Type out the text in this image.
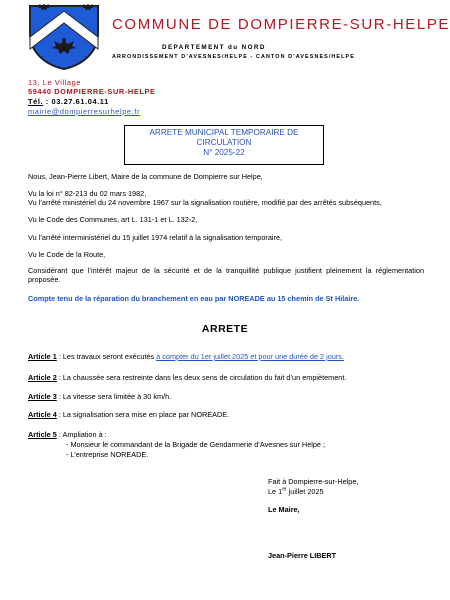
COMMUNE DE DOMPIERRE-SUR-HELPE
DEPARTEMENT du NORD
ARRONDISSEMENT D’AVESNES/HELPE - CANTON D’AVESNES/HELPE
13, Le Village
59440 DOMPIERRE-SUR-HELPE
Tél. : 03.27.61.04.11
mairie@dompierresurhelpe.fr
ARRETE MUNICIPAL TEMPORAIRE DE
CIRCULATION
N° 2025-22
Nous, Jean-Pierre Libert, Maire de la commune de Dompierre sur Helpe,
Vu la loi n° 82-213 du 02 mars 1982,
Vu l’arrêté ministériel du 24 novembre 1967 sur la signalisation routière, modifié par des arrêtés subséquents,
Vu le Code des Communes, art L. 131-1 et L. 132-2,
Vu l’arrêté interministériel du 15 juillet 1974 relatif à la signalisation temporaire,
Vu le Code de la Route,
Considérant que l’intérêt majeur de la sécurité et de la tranquillité publique justifient pleinement la réglementation proposée.
Compte tenu de la réparation du branchement en eau par NOREADE au 15 chemin de St Hilaire.
ARRETE
Article 1 : Les travaux seront exécutés à compter du 1er juillet 2025 et pour une durée de 2 jours.
Article 2 : La chaussée sera restreinte dans les deux sens de circulation du fait d’un empiètement.
Article 3 : La vitesse sera limitée à 30 km/h.
Article 4 : La signalisation sera mise en place par NOREADE.
Article 5 : Ampliation à :
- Monsieur le commandant de la Brigade de Gendarmerie d’Avesnes sur Helpe ;
- L’entreprise NOREADE.
Fait à Dompierre-sur-Helpe,
Le 1er juillet 2025
Le Maire,
Jean-Pierre LIBERT
